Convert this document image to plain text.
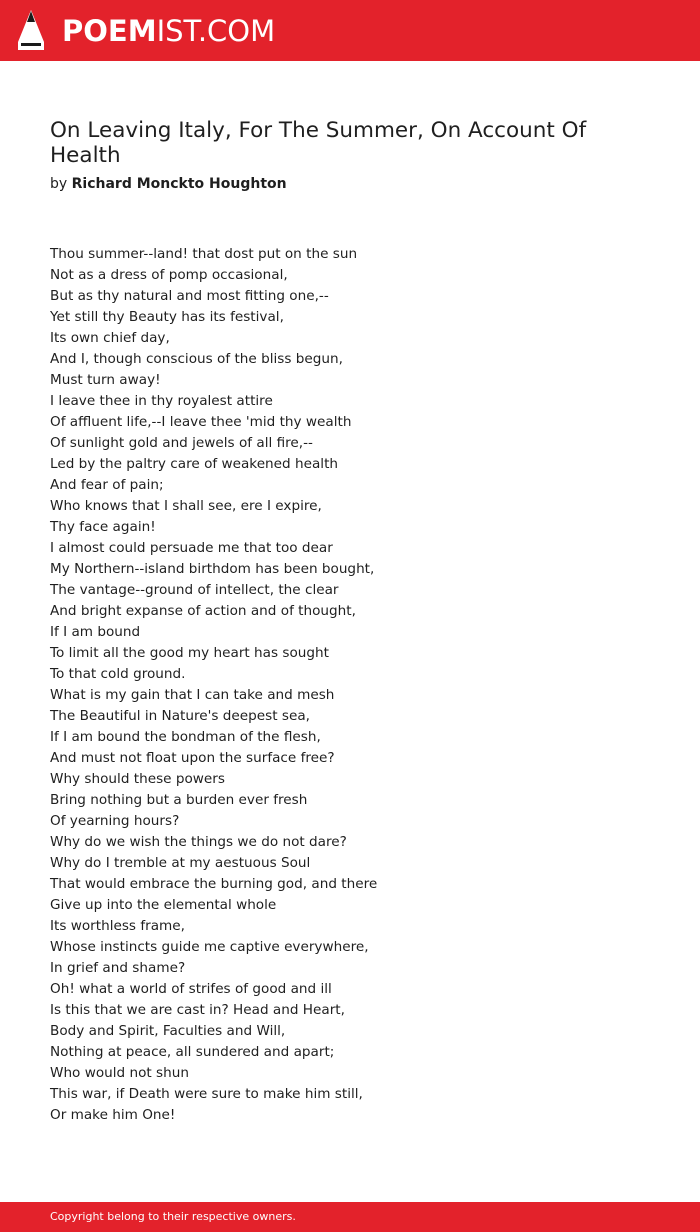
POEMIST.COM
On Leaving Italy, For The Summer, On Account Of Health
by Richard Monckto Houghton
Thou summer--land! that dost put on the sun
Not as a dress of pomp occasional,
But as thy natural and most fitting one,--
Yet still thy Beauty has its festival,
Its own chief day,
And I, though conscious of the bliss begun,
Must turn away!
I leave thee in thy royalest attire
Of affluent life,--I leave thee 'mid thy wealth
Of sunlight gold and jewels of all fire,--
Led by the paltry care of weakened health
And fear of pain;
Who knows that I shall see, ere I expire,
Thy face again!
I almost could persuade me that too dear
My Northern--island birthdom has been bought,
The vantage--ground of intellect, the clear
And bright expanse of action and of thought,
If I am bound
To limit all the good my heart has sought
To that cold ground.
What is my gain that I can take and mesh
The Beautiful in Nature's deepest sea,
If I am bound the bondman of the flesh,
And must not float upon the surface free?
Why should these powers
Bring nothing but a burden ever fresh
Of yearning hours?
Why do we wish the things we do not dare?
Why do I tremble at my aestuous Soul
That would embrace the burning god, and there
Give up into the elemental whole
Its worthless frame,
Whose instincts guide me captive everywhere,
In grief and shame?
Oh! what a world of strifes of good and ill
Is this that we are cast in? Head and Heart,
Body and Spirit, Faculties and Will,
Nothing at peace, all sundered and apart;
Who would not shun
This war, if Death were sure to make him still,
Or make him One!
Copyright belong to their respective owners.
